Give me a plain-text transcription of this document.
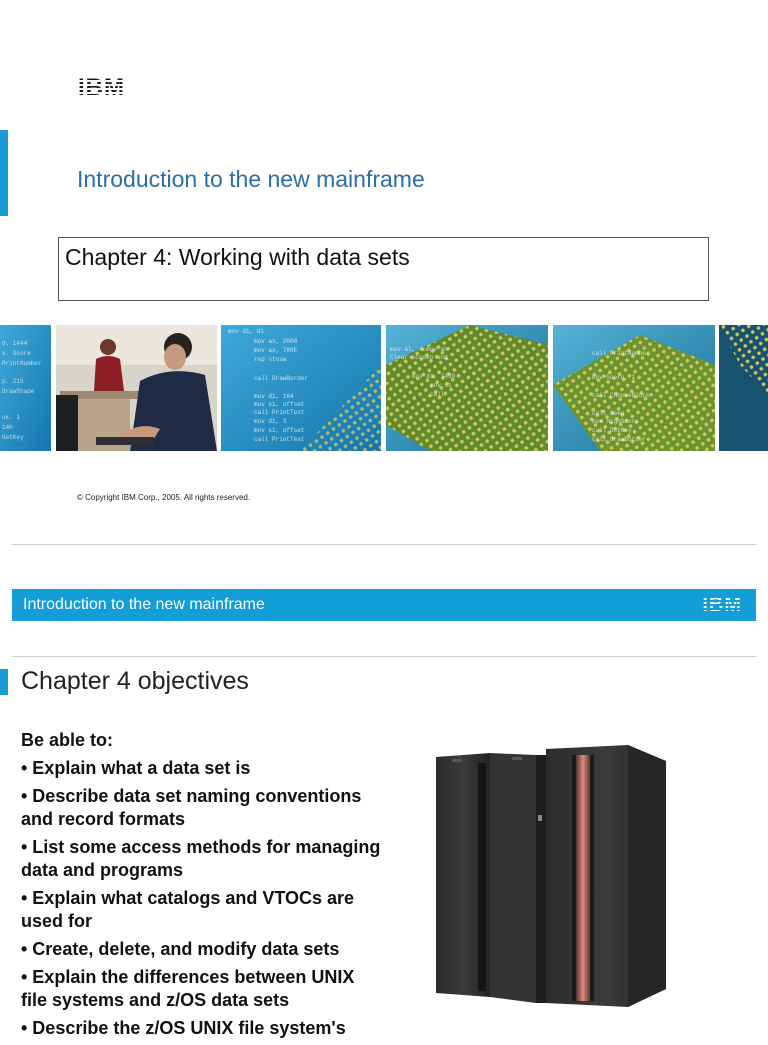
IBM
Introduction to the new mainframe
Chapter 4: Working with data sets
d. 1444
x. Score
PrintNumber
p. 215
DrawShape
ok. 1
14h
GetKey
mov di, di
mov ax, 2000
mov ax, 780E
rep stosw
call DrawBorder
mov di, 164
mov si, offset
call PrintText
mov di, 3
mov si, offset
call PrintText
mov al, 4 mov ah
Clear screen and
mov di, 3430
mov si
call
call PrintNumber
mov Score, 1
call ChooseBlock
call Beep
mov HighScore
call GetKey
call DrawBorder
© Copyright IBM Corp., 2005. All rights reserved.
Introduction to the new mainframe	IBM
Chapter 4 objectives
Be able to:
• Explain what a data set is
• Describe data set naming conventions and record formats
• List some access methods for managing data and programs
• Explain what catalogs and VTOCs are used for
• Create, delete, and modify data sets
• Explain the differences between UNIX file systems and z/OS data sets
• Describe the z/OS UNIX file system's
